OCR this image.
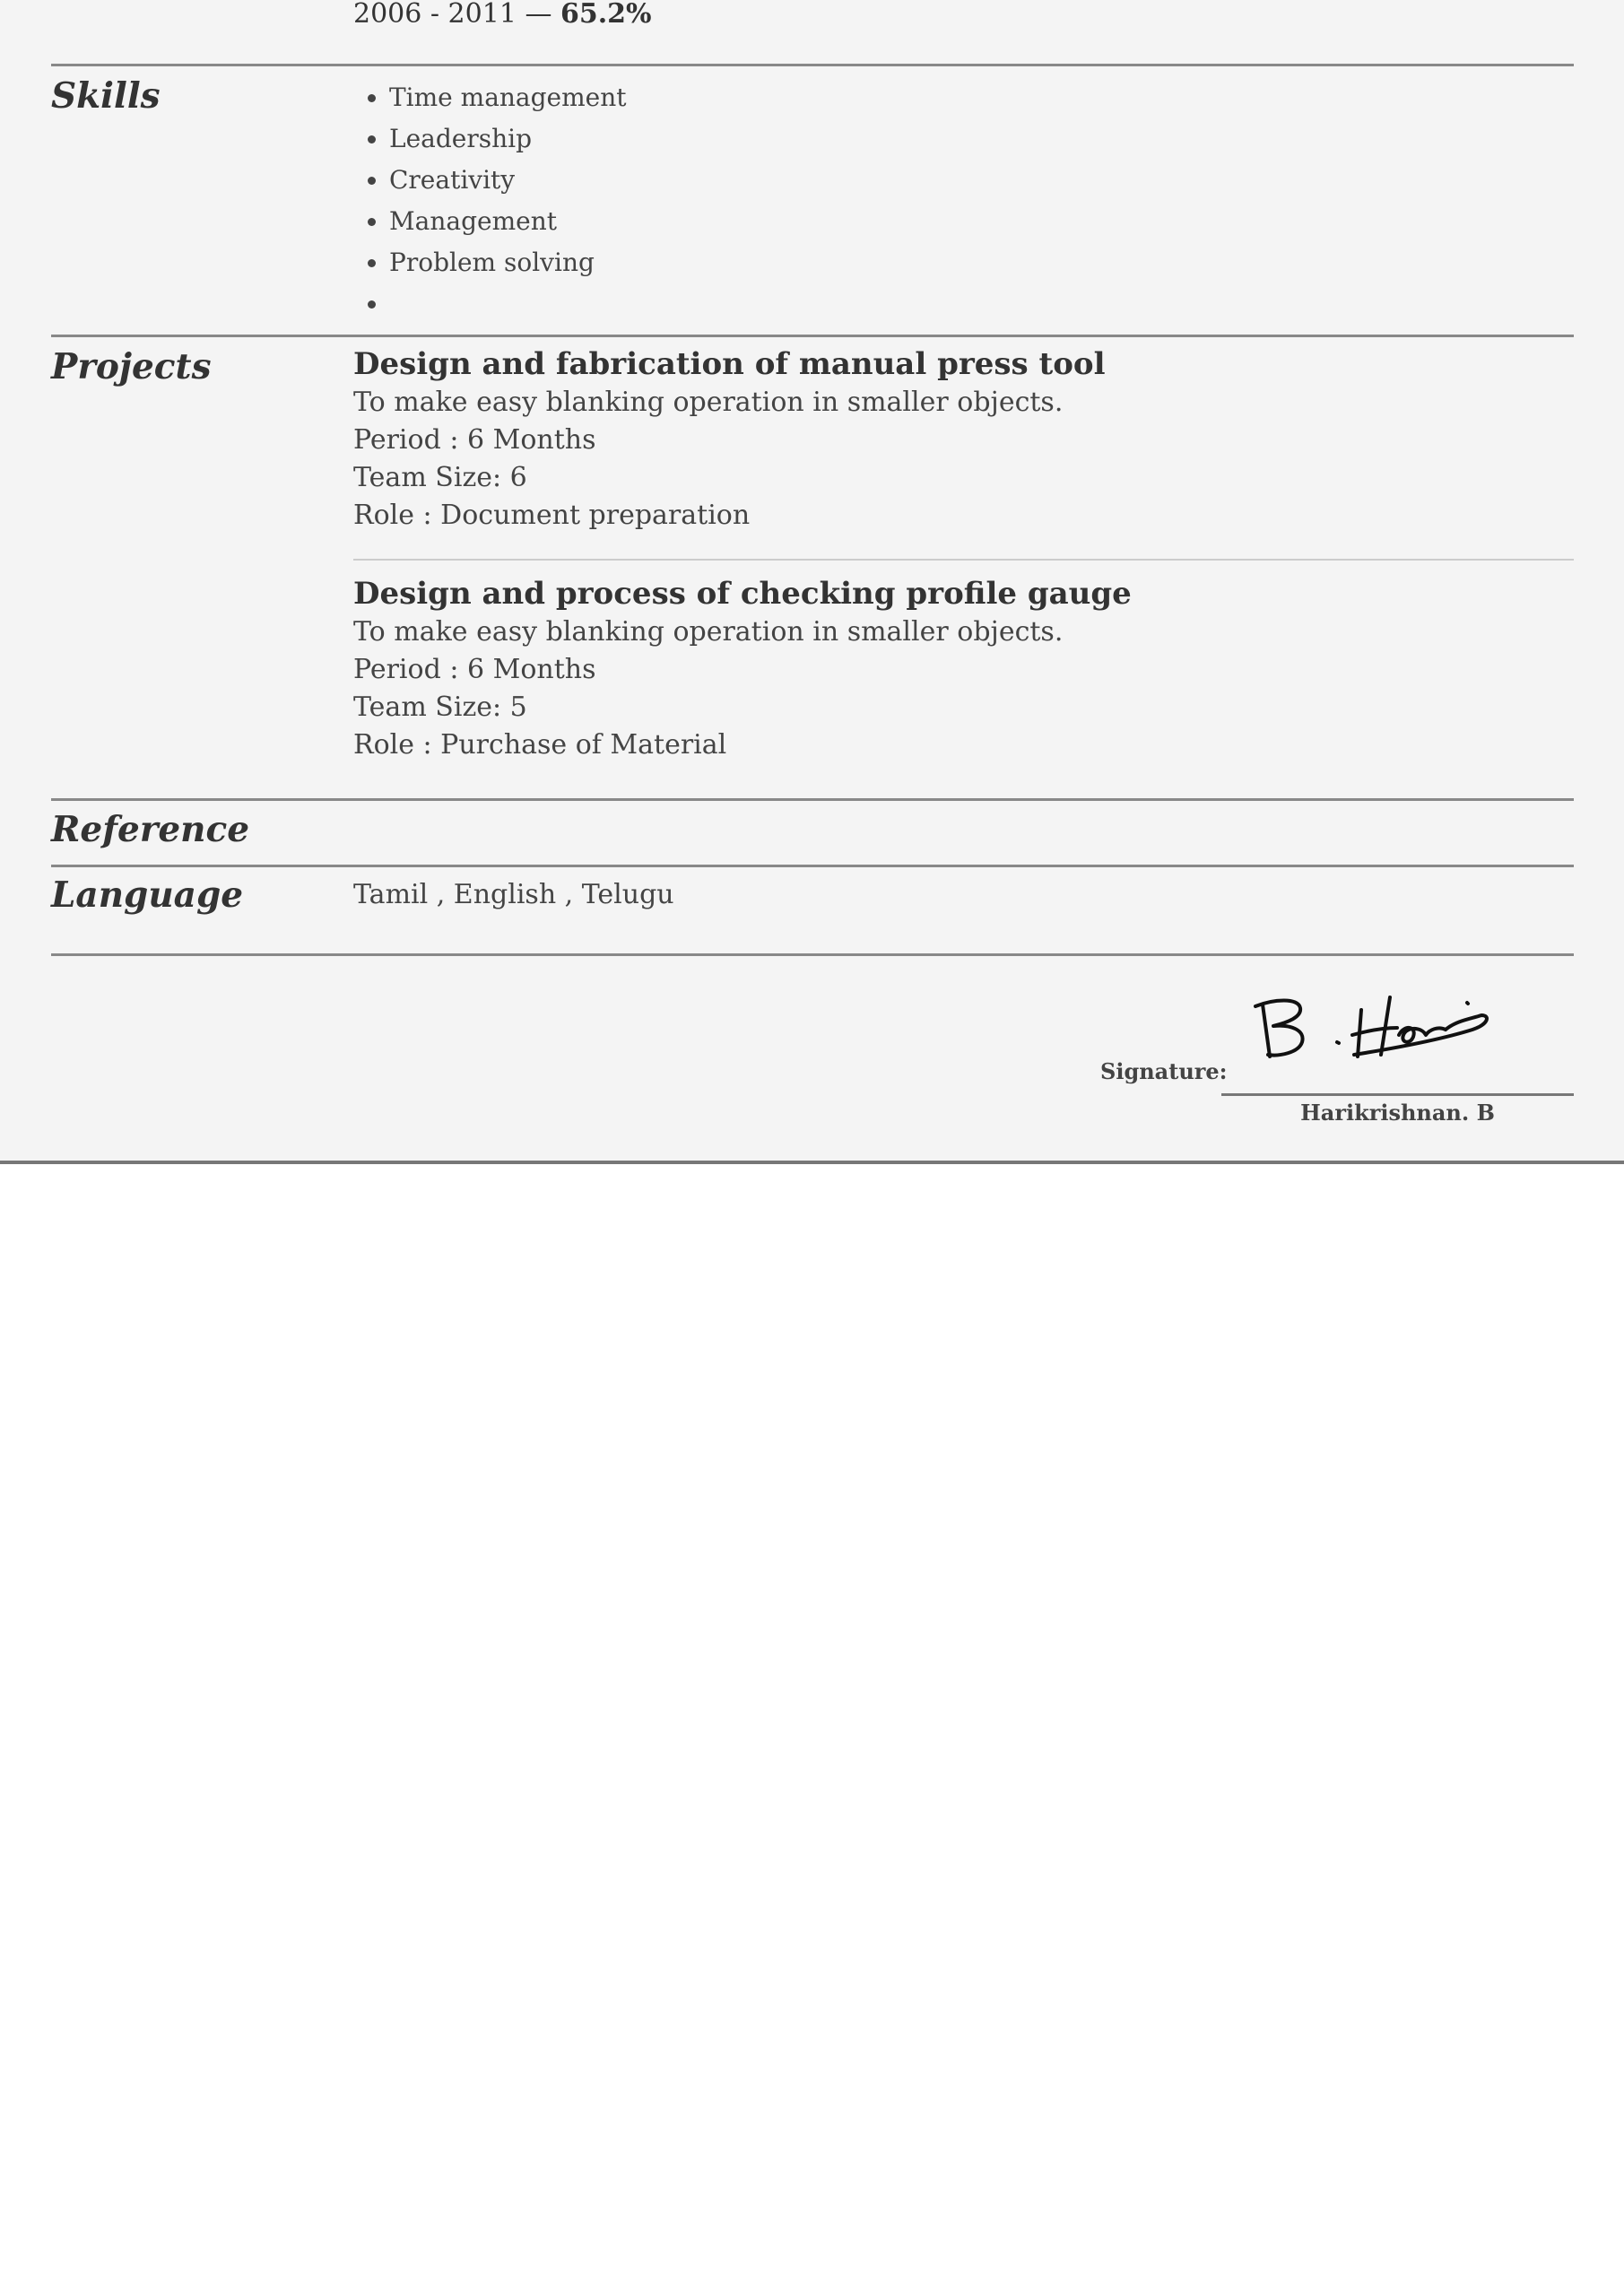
2006 - 2011 — 65.2%

Skills
•	Time management
• Leadership
• Creativity
• Management
• Problem solving
•
Projects	Design and fabrication of manual press tool

To make easy blanking operation in smaller objects.

Period : 6 Months

Team Size: 6

Role : Document preparation

Design and process of checking profile gauge

To make easy blanking operation in smaller objects.

Period : 6 Months

Team Size: 5

Role : Purchase of Material

Reference
Language	Tamil , English , Telugu

Signature:

Harikrishnan. B
